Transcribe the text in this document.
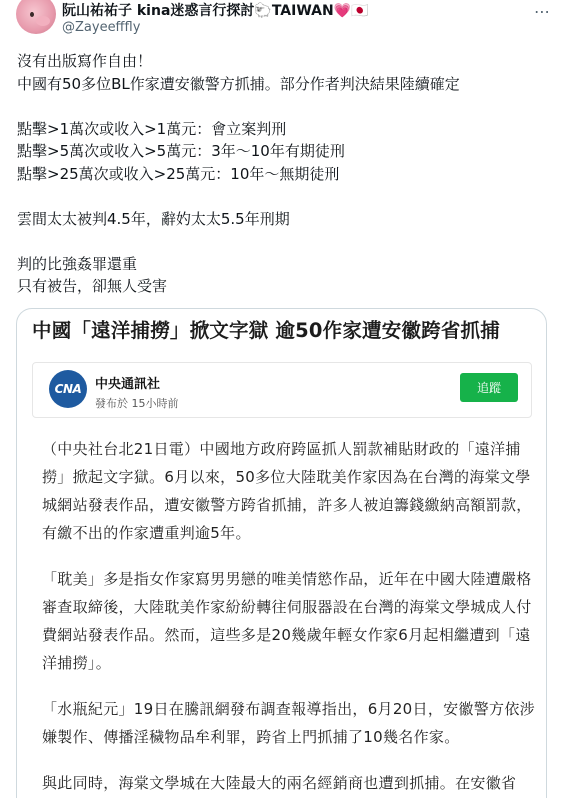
阮山祐祐子 kina迷惑言行探討🐑TAIWAN💗🇯🇵
@Zayeefffly
⋯
沒有出版寫作自由！
中國有50多位BL作家遭安徽警方抓捕。部分作者判決結果陸續確定

點擊>1萬次或收入>1萬元：會立案判刑
點擊>5萬次或收入>5萬元：3年～10年有期徒刑
點擊>25萬次或收入>25萬元：10年～無期徒刑

雲間太太被判4.5年，辭妁太太5.5年刑期

判的比強姦罪還重
只有被告，卻無人受害
中國「遠洋捕撈」掀文字獄 逾50作家遭安徽跨省抓捕
CNA	中央通訊社
發布於 15小時前
追蹤

（中央社台北21日電）中國地方政府跨區抓人罰款補貼財政的「遠洋捕撈」掀起文字獄。6月以來，50多位大陸耽美作家因為在台灣的海棠文學城網站發表作品，遭安徽警方跨省抓捕，許多人被迫籌錢繳納高額罰款，有繳不出的作家遭重判逾5年。

「耽美」多是指女作家寫男男戀的唯美情慾作品，近年在中國大陸遭嚴格審查取締後，大陸耽美作家紛紛轉往伺服器設在台灣的海棠文學城成人付費網站發表作品。然而，這些多是20幾歲年輕女作家6月起相繼遭到「遠洋捕撈」。

「水瓶紀元」19日在騰訊網發布調查報導指出，6月20日，安徽警方依涉嫌製作、傳播淫穢物品牟利罪，跨省上門抓捕了10幾名作家。

與此同時，海棠文學城在大陸最大的兩名經銷商也遭到抓捕。在安徽省
